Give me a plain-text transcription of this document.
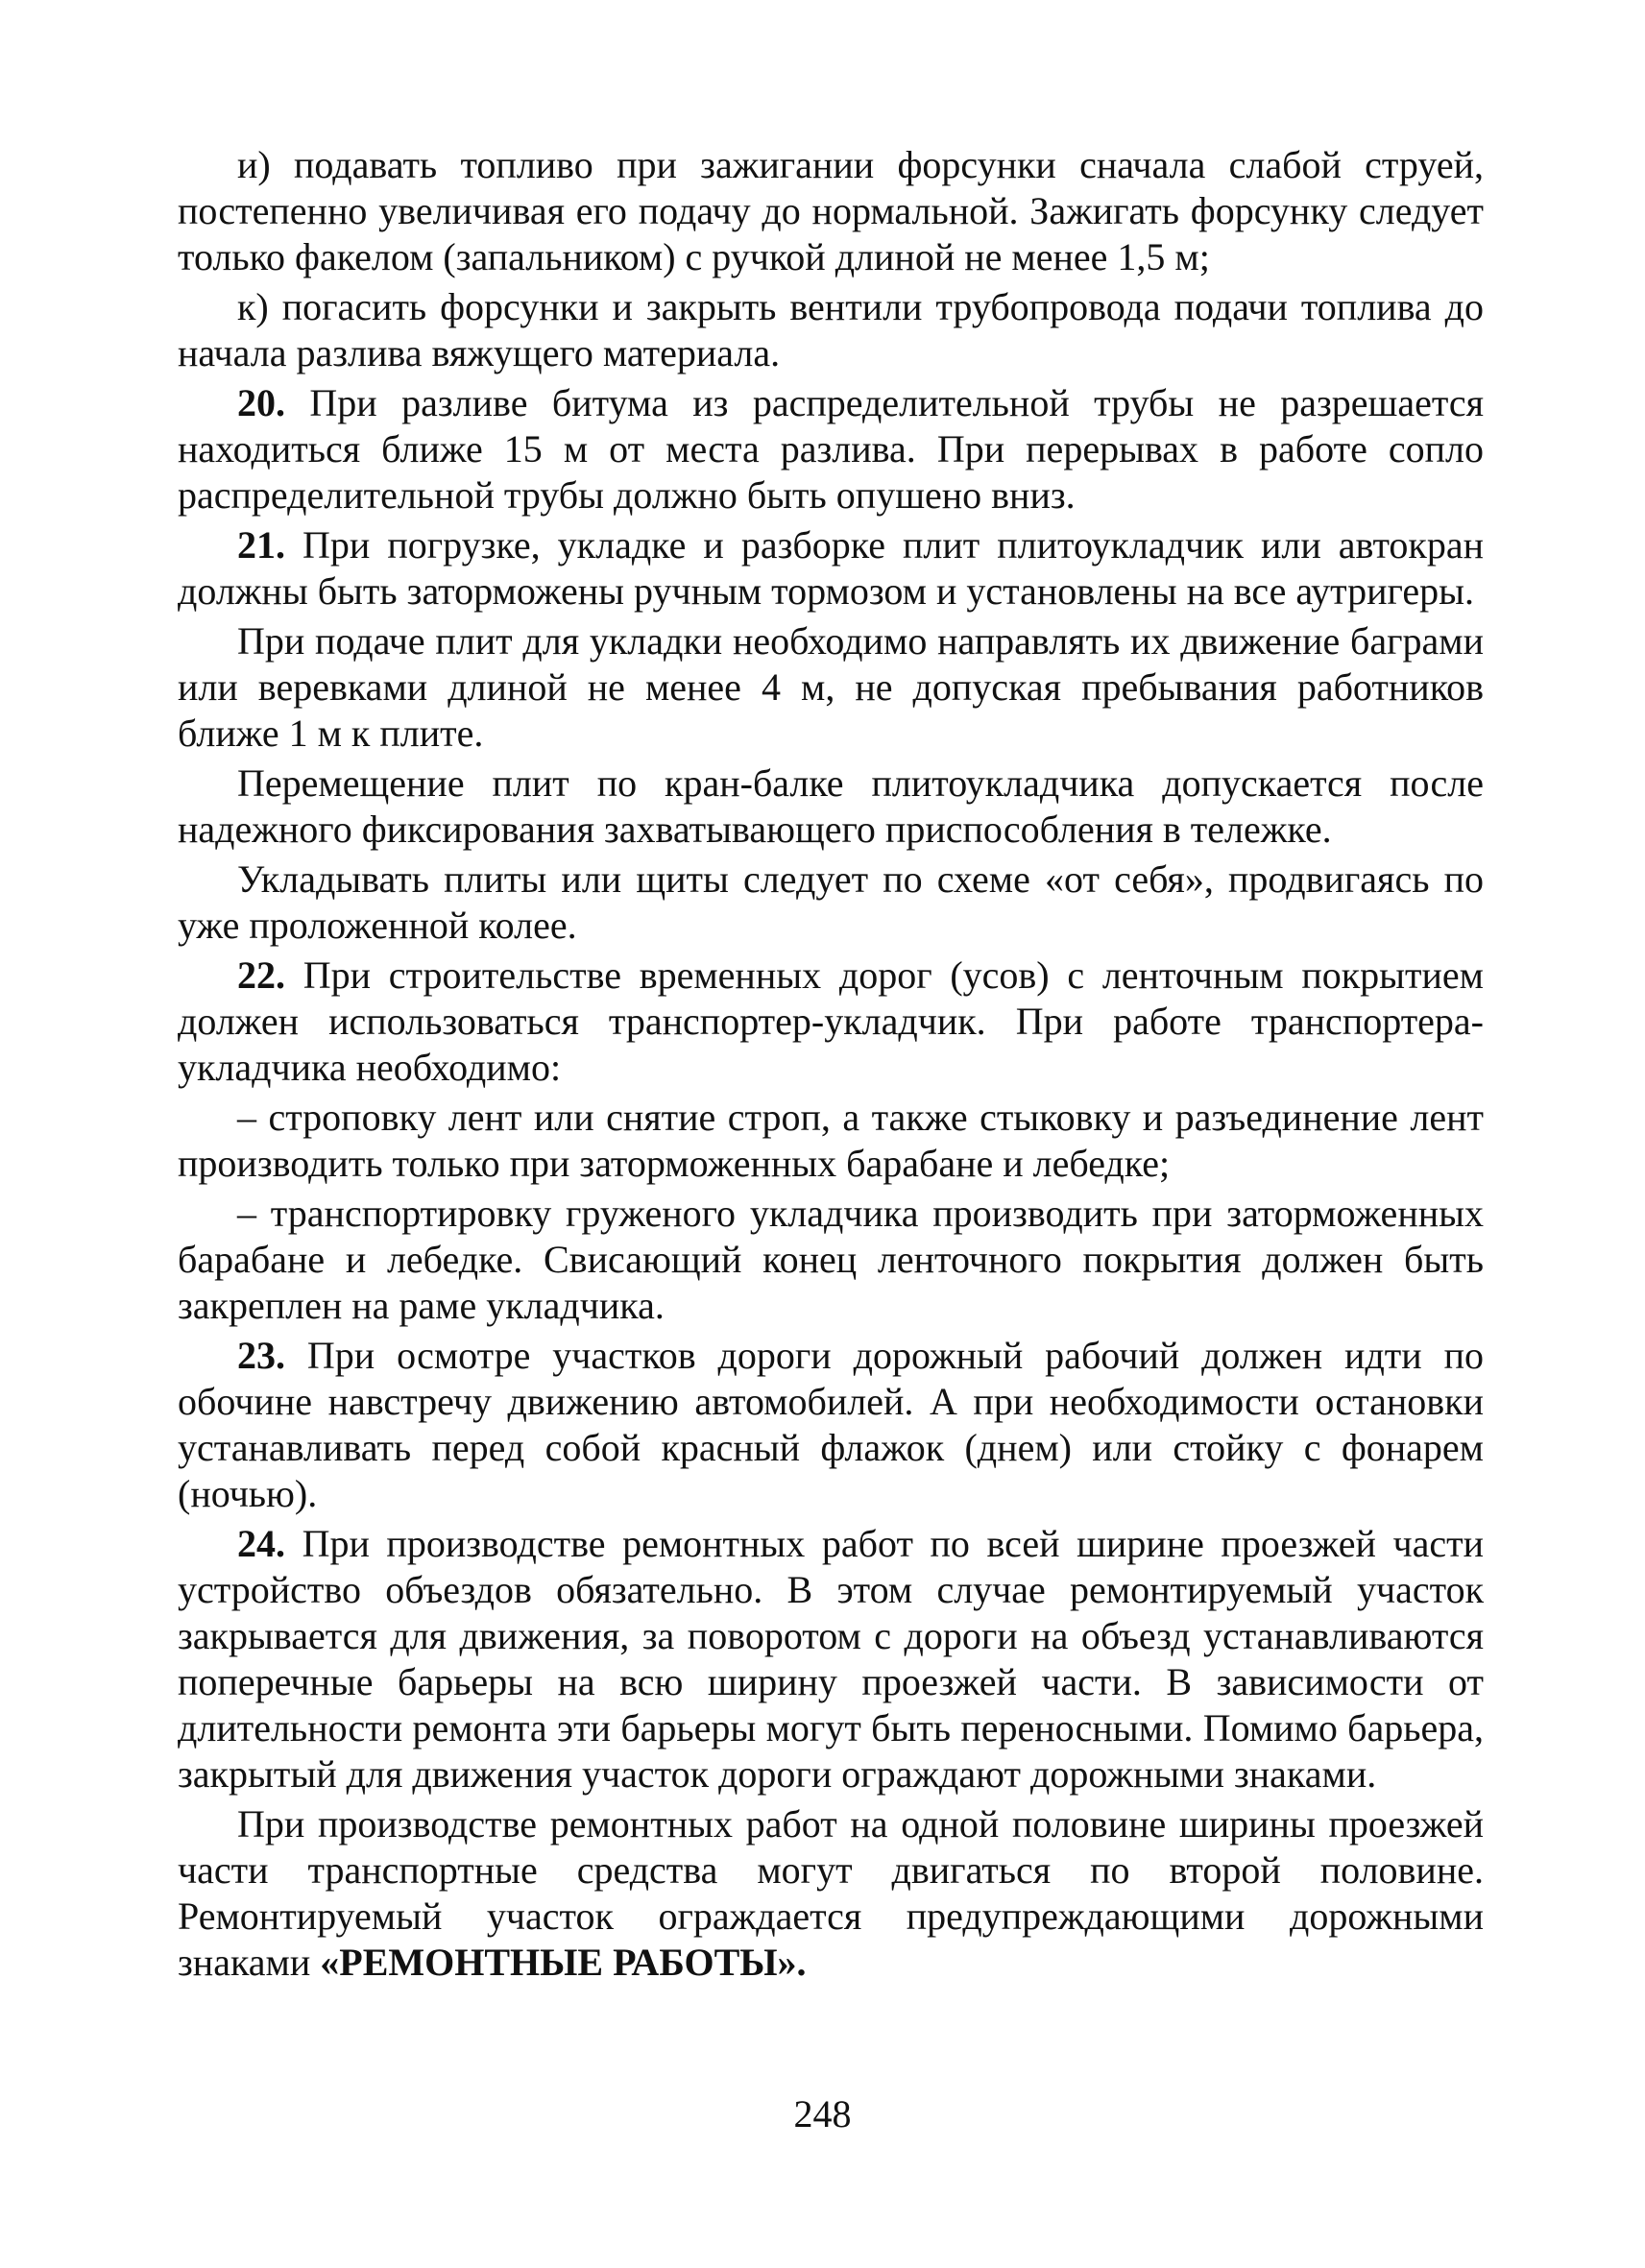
и) подавать топливо при зажигании форсунки сначала слабой струей, постепенно увеличивая его подачу до нормальной. Зажигать форсунку следует только факелом (запальником) с ручкой длиной не менее 1,5 м;

к) погасить форсунки и закрыть вентили трубопровода подачи топлива до начала разлива вяжущего материала.

20. При разливе битума из распределительной трубы не разрешается находиться ближе 15 м от места разлива. При перерывах в работе сопло распределительной трубы должно быть опушено вниз.

21. При погрузке, укладке и разборке плит плитоукладчик или автокран должны быть заторможены ручным тормозом и установлены на все аутригеры.

При подаче плит для укладки необходимо направлять их движение баграми или веревками длиной не менее 4 м, не допуская пребывания работников ближе 1 м к плите.

Перемещение плит по кран-балке плитоукладчика допускается после надежного фиксирования захватывающего приспособления в тележке.

Укладывать плиты или щиты следует по схеме «от себя», продвигаясь по уже проложенной колее.

22. При строительстве временных дорог (усов) с ленточным покрытием должен использоваться транспортер-укладчик. При работе транспортера-укладчика необходимо:

– строповку лент или снятие строп, а также стыковку и разъединение лент производить только при заторможенных барабане и лебедке;

– транспортировку груженого укладчика производить при заторможенных барабане и лебедке. Свисающий конец ленточного покрытия должен быть закреплен на раме укладчика.

23. При осмотре участков дороги дорожный рабочий должен идти по обочине навстречу движению автомобилей. А при необходимости остановки устанавливать перед собой красный флажок (днем) или стойку с фонарем (ночью).

24. При производстве ремонтных работ по всей ширине проезжей части устройство объездов обязательно. В этом случае ремонтируемый участок закрывается для движения, за поворотом с дороги на объезд устанавливаются поперечные барьеры на всю ширину проезжей части. В зависимости от длительности ремонта эти барьеры могут быть переносными. Помимо барьера, закрытый для движения участок дороги ограждают дорожными знаками.

При производстве ремонтных работ на одной половине ширины проезжей части транспортные средства могут двигаться по второй половине. Ремонтируемый участок ограждается предупреждающими дорожными знаками «РЕМОНТНЫЕ РАБОТЫ».

248
